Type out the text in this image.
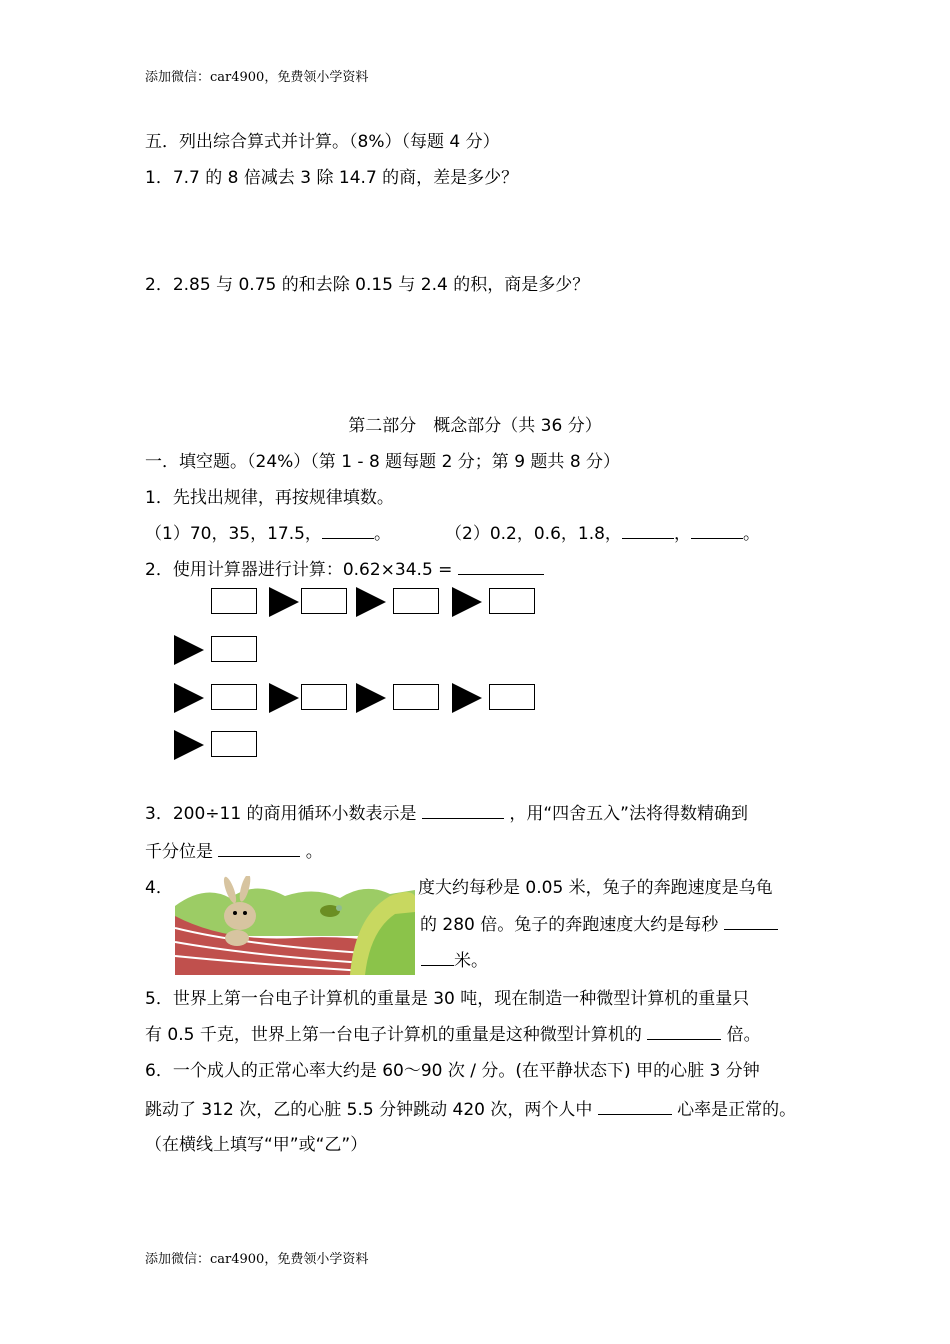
添加微信：car4900，免费领小学资料
五．列出综合算式并计算。（8%）（每题 4 分）
1．7.7 的 8 倍减去 3 除 14.7 的商，差是多少？
2．2.85 与 0.75 的和去除 0.15 与 2.4 的积，商是多少？
第二部分　概念部分（共 36 分）
一．填空题。（24%）（第 1 - 8 题每题 2 分；第 9 题共 8 分）
1．先找出规律，再按规律填数。
（1）70，35，17.5，	。	（2）0.2，0.6，1.8，	，	。
2．使用计算器进行计算：0.62×34.5 =
3．200÷11 的商用循环小数表示是	，用“四舍五入”法将得数精确到
千分位是	。
4．	度大约每秒是 0.05 米，兔子的奔跑速度是乌龟
的 280 倍。兔子的奔跑速度大约是每秒
米。
5．世界上第一台电子计算机的重量是 30 吨，现在制造一种微型计算机的重量只
有 0.5 千克，世界上第一台电子计算机的重量是这种微型计算机的	倍。
6．一个成人的正常心率大约是 60～90 次 / 分。(在平静状态下) 甲的心脏 3 分钟
跳动了 312 次，乙的心脏 5.5 分钟跳动 420 次，两个人中	心率是正常的。
（在横线上填写“甲”或“乙”）
添加微信：car4900，免费领小学资料
